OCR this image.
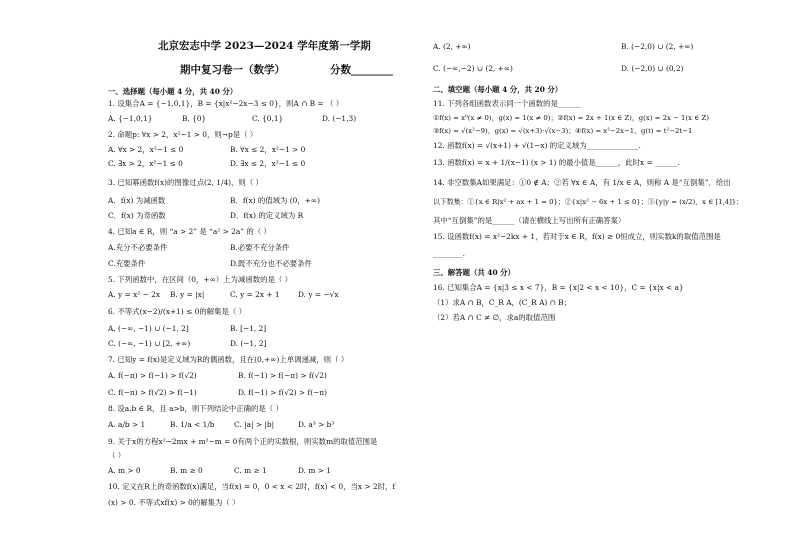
北京宏志中学 2023—2024 学年度第一学期
期中复习卷一（数学）	分数________
一、选择题（每小题 4 分，共 40 分）
1. 设集合A = {−1,0,1}，B = {x|x²−2x−3 ≤ 0}，则A ∩ B = （ ）
A. {−1,0,1}	B. {0}	C. {0,1}	D. (−1,3)
2. 命题p: ∀x > 2，x²−1 > 0，则¬p是（ ）
A. ∀x > 2，x²−1 ≤ 0	B. ∀x ≤ 2，x²−1 > 0
C. ∃x > 2，x²−1 ≤ 0	D. ∃x ≤ 2，x²−1 ≤ 0
3. 已知幂函数f(x)的图像过点(2, 1/4)，则（ ）
A．f(x) 为减函数	B．f(x) 的值域为 (0，+∞)
C．f(x) 为奇函数	D．f(x) 的定义域为 R
4. 已知a ∈ R，则 “a > 2” 是 “a² > 2a” 的（ ）
A.充分不必要条件	B.必要不充分条件
C.充要条件	D.既不充分也不必要条件
5. 下列函数中，在区间（0，+∞）上为减函数的是（ ）
A. y = x² − 2x B. y = |x|	C. y = 2x + 1 D. y = −√x
6. 不等式(x−2)/(x+1) ≤ 0的解集是（ ）
A. (−∞, −1) ∪ (−1, 2]	B. [−1, 2]
C. (−∞, −1) ∪ [2, +∞)	D. (−1, 2]
7. 已知y = f(x)是定义域为R的偶函数，且在(0,+∞)上单调递减，则（ ）
A. f(−π) > f(−1) > f(√2)	B. f(−1) > f(−π) > f(√2)
C. f(−π) > f(√2) > f(−1)	D. f(−1) > f(√2) > f(−π)
8. 设a,b ∈ R，且 a>b，则下列结论中正确的是（ ）
A. a/b > 1	B. 1/a < 1/b	C. |a| > |b|	D. a³ > b³
9. 关于x的方程x²−2mx + m²−m = 0有两个正的实数根，则实数m的取值范围是
（ ）
A. m > 0	B. m ≥ 0	C. m ≥ 1	D. m > 1
10. 定义在R上的奇函数f(x)满足，当f(x) = 0，0 < x < 2时，f(x) < 0，当x > 2时，f
(x) > 0. 不等式xf(x) > 0的解集为（ ）
A. (2, +∞)	B. (−2,0) ∪ (2, +∞)
C. (−∞,−2) ∪ (2, +∞)	D. (−2,0) ∪ (0,2)
二、填空题（每小题 4 分，共 20 分）
11. 下列各组函数表示同一个函数的是______
①f(x) = x⁰(x ≠ 0)，g(x) = 1(x ≠ 0)；②f(x) = 2x + 1(x ∈ Z)，g(x) = 2x − 1(x ∈ Z)
③f(x) = √(x²−9)，g(x) = √(x+3)·√(x−3)；④f(x) = x²−2x−1，g(t) = t²−2t−1
12. 函数f(x) = √(x+1) + √(1−x) 的定义域为______________.
13. 函数f(x) = x + 1/(x−1) (x > 1) 的最小值是______，此时x = ______.
14. 非空数集A如果满足：①0 ∉ A；②若 ∀x ∈ A，有 1/x ∈ A，则称 A 是“互倒集”．给出
以下数集：①{x ∈ R|x² + ax + 1 = 0}；②{x|x² − 6x + 1 ≤ 0}；③{y|y = (x/2)，x ∈ [1,4]}；
其中“互倒集”的是______（请在横线上写出所有正确答案）
15. 设函数f(x) = x²−2kx + 1，若对于x ∈ R，f(x) ≥ 0恒成立，则实数k的取值范围是
________.
三、解答题（共 40 分）
16. 已知集合A = {x|3 ≤ x < 7}，B = {x|2 < x < 10}，C = {x|x < a}
（1）求A ∩ B，C_R A，(C_R A) ∩ B；
（2）若A ∩ C ≠ ∅，求a的取值范围
